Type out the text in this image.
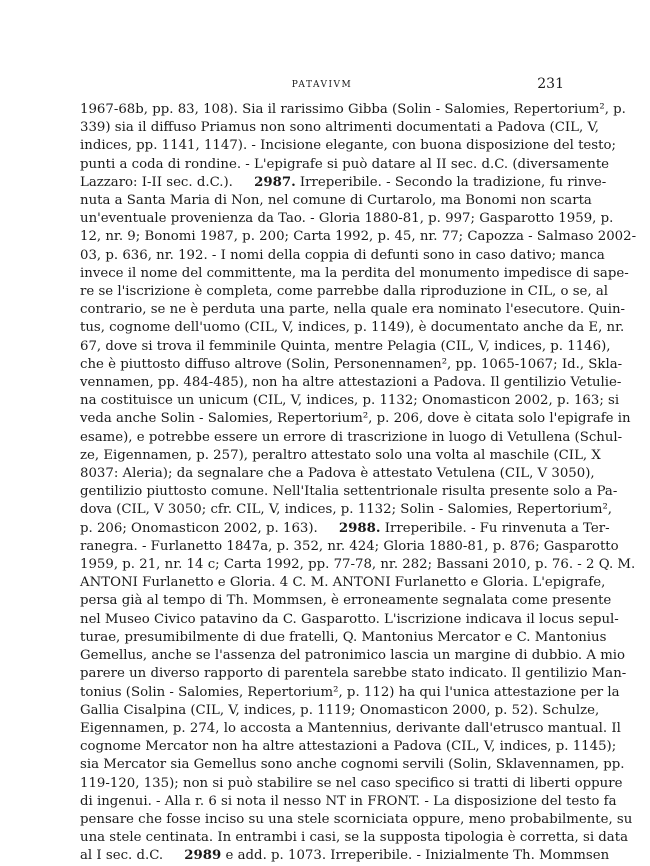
PATAVIVM	231
1967-68b, pp. 83, 108). Sia il rarissimo Gibba (Solin - Salomies, Repertorium², p.
339) sia il diffuso Priamus non sono altrimenti documentati a Padova (CIL, V,
indices, pp. 1141, 1147). - Incisione elegante, con buona disposizione del testo;
punti a coda di rondine. - L'epigrafe si può datare al II sec. d.C. (diversamente
Lazzaro: I-II sec. d.C.).     2987. Irreperibile. - Secondo la tradizione, fu rinve-
nuta a Santa Maria di Non, nel comune di Curtarolo, ma Bonomi non scarta
un'eventuale provenienza da Tao. - Gloria 1880-81, p. 997; Gasparotto 1959, p.
12, nr. 9; Bonomi 1987, p. 200; Carta 1992, p. 45, nr. 77; Capozza - Salmaso 2002-
03, p. 636, nr. 192. - I nomi della coppia di defunti sono in caso dativo; manca
invece il nome del committente, ma la perdita del monumento impedisce di sape-
re se l'iscrizione è completa, come parrebbe dalla riproduzione in CIL, o se, al
contrario, se ne è perduta una parte, nella quale era nominato l'esecutore. Quin-
tus, cognome dell'uomo (CIL, V, indices, p. 1149), è documentato anche da E, nr.
67, dove si trova il femminile Quinta, mentre Pelagia (CIL, V, indices, p. 1146),
che è piuttosto diffuso altrove (Solin, Personennamen², pp. 1065-1067; Id., Skla-
vennamen, pp. 484-485), non ha altre attestazioni a Padova. Il gentilizio Vetulie-
na costituisce un unicum (CIL, V, indices, p. 1132; Onomasticon 2002, p. 163; si
veda anche Solin - Salomies, Repertorium², p. 206, dove è citata solo l'epigrafe in
esame), e potrebbe essere un errore di trascrizione in luogo di Vetullena (Schul-
ze, Eigennamen, p. 257), peraltro attestato solo una volta al maschile (CIL, X
8037: Aleria); da segnalare che a Padova è attestato Vetulena (CIL, V 3050),
gentilizio piuttosto comune. Nell'Italia settentrionale risulta presente solo a Pa-
dova (CIL, V 3050; cfr. CIL, V, indices, p. 1132; Solin - Salomies, Repertorium²,
p. 206; Onomasticon 2002, p. 163).     2988. Irreperibile. - Fu rinvenuta a Ter-
ranegra. - Furlanetto 1847a, p. 352, nr. 424; Gloria 1880-81, p. 876; Gasparotto
1959, p. 21, nr. 14 c; Carta 1992, pp. 77-78, nr. 282; Bassani 2010, p. 76. - 2 Q. M.
ANTONI Furlanetto e Gloria. 4 C. M. ANTONI Furlanetto e Gloria. L'epigrafe,
persa già al tempo di Th. Mommsen, è erroneamente segnalata come presente
nel Museo Civico patavino da C. Gasparotto. L'iscrizione indicava il locus sepul-
turae, presumibilmente di due fratelli, Q. Mantonius Mercator e C. Mantonius
Gemellus, anche se l'assenza del patronimico lascia un margine di dubbio. A mio
parere un diverso rapporto di parentela sarebbe stato indicato. Il gentilizio Man-
tonius (Solin - Salomies, Repertorium², p. 112) ha qui l'unica attestazione per la
Gallia Cisalpina (CIL, V, indices, p. 1119; Onomasticon 2000, p. 52). Schulze,
Eigennamen, p. 274, lo accosta a Mantennius, derivante dall'etrusco mantual. Il
cognome Mercator non ha altre attestazioni a Padova (CIL, V, indices, p. 1145);
sia Mercator sia Gemellus sono anche cognomi servili (Solin, Sklavennamen, pp.
119-120, 135); non si può stabilire se nel caso specifico si tratti di liberti oppure
di ingenui. - Alla r. 6 si nota il nesso NT in FRONT. - La disposizione del testo fa
pensare che fosse inciso su una stele scorniciata oppure, meno probabilmente, su
una stele centinata. In entrambi i casi, se la supposta tipologia è corretta, si data
al I sec. d.C.     2989 e add. p. 1073. Irreperibile. - Inizialmente Th. Mommsen
